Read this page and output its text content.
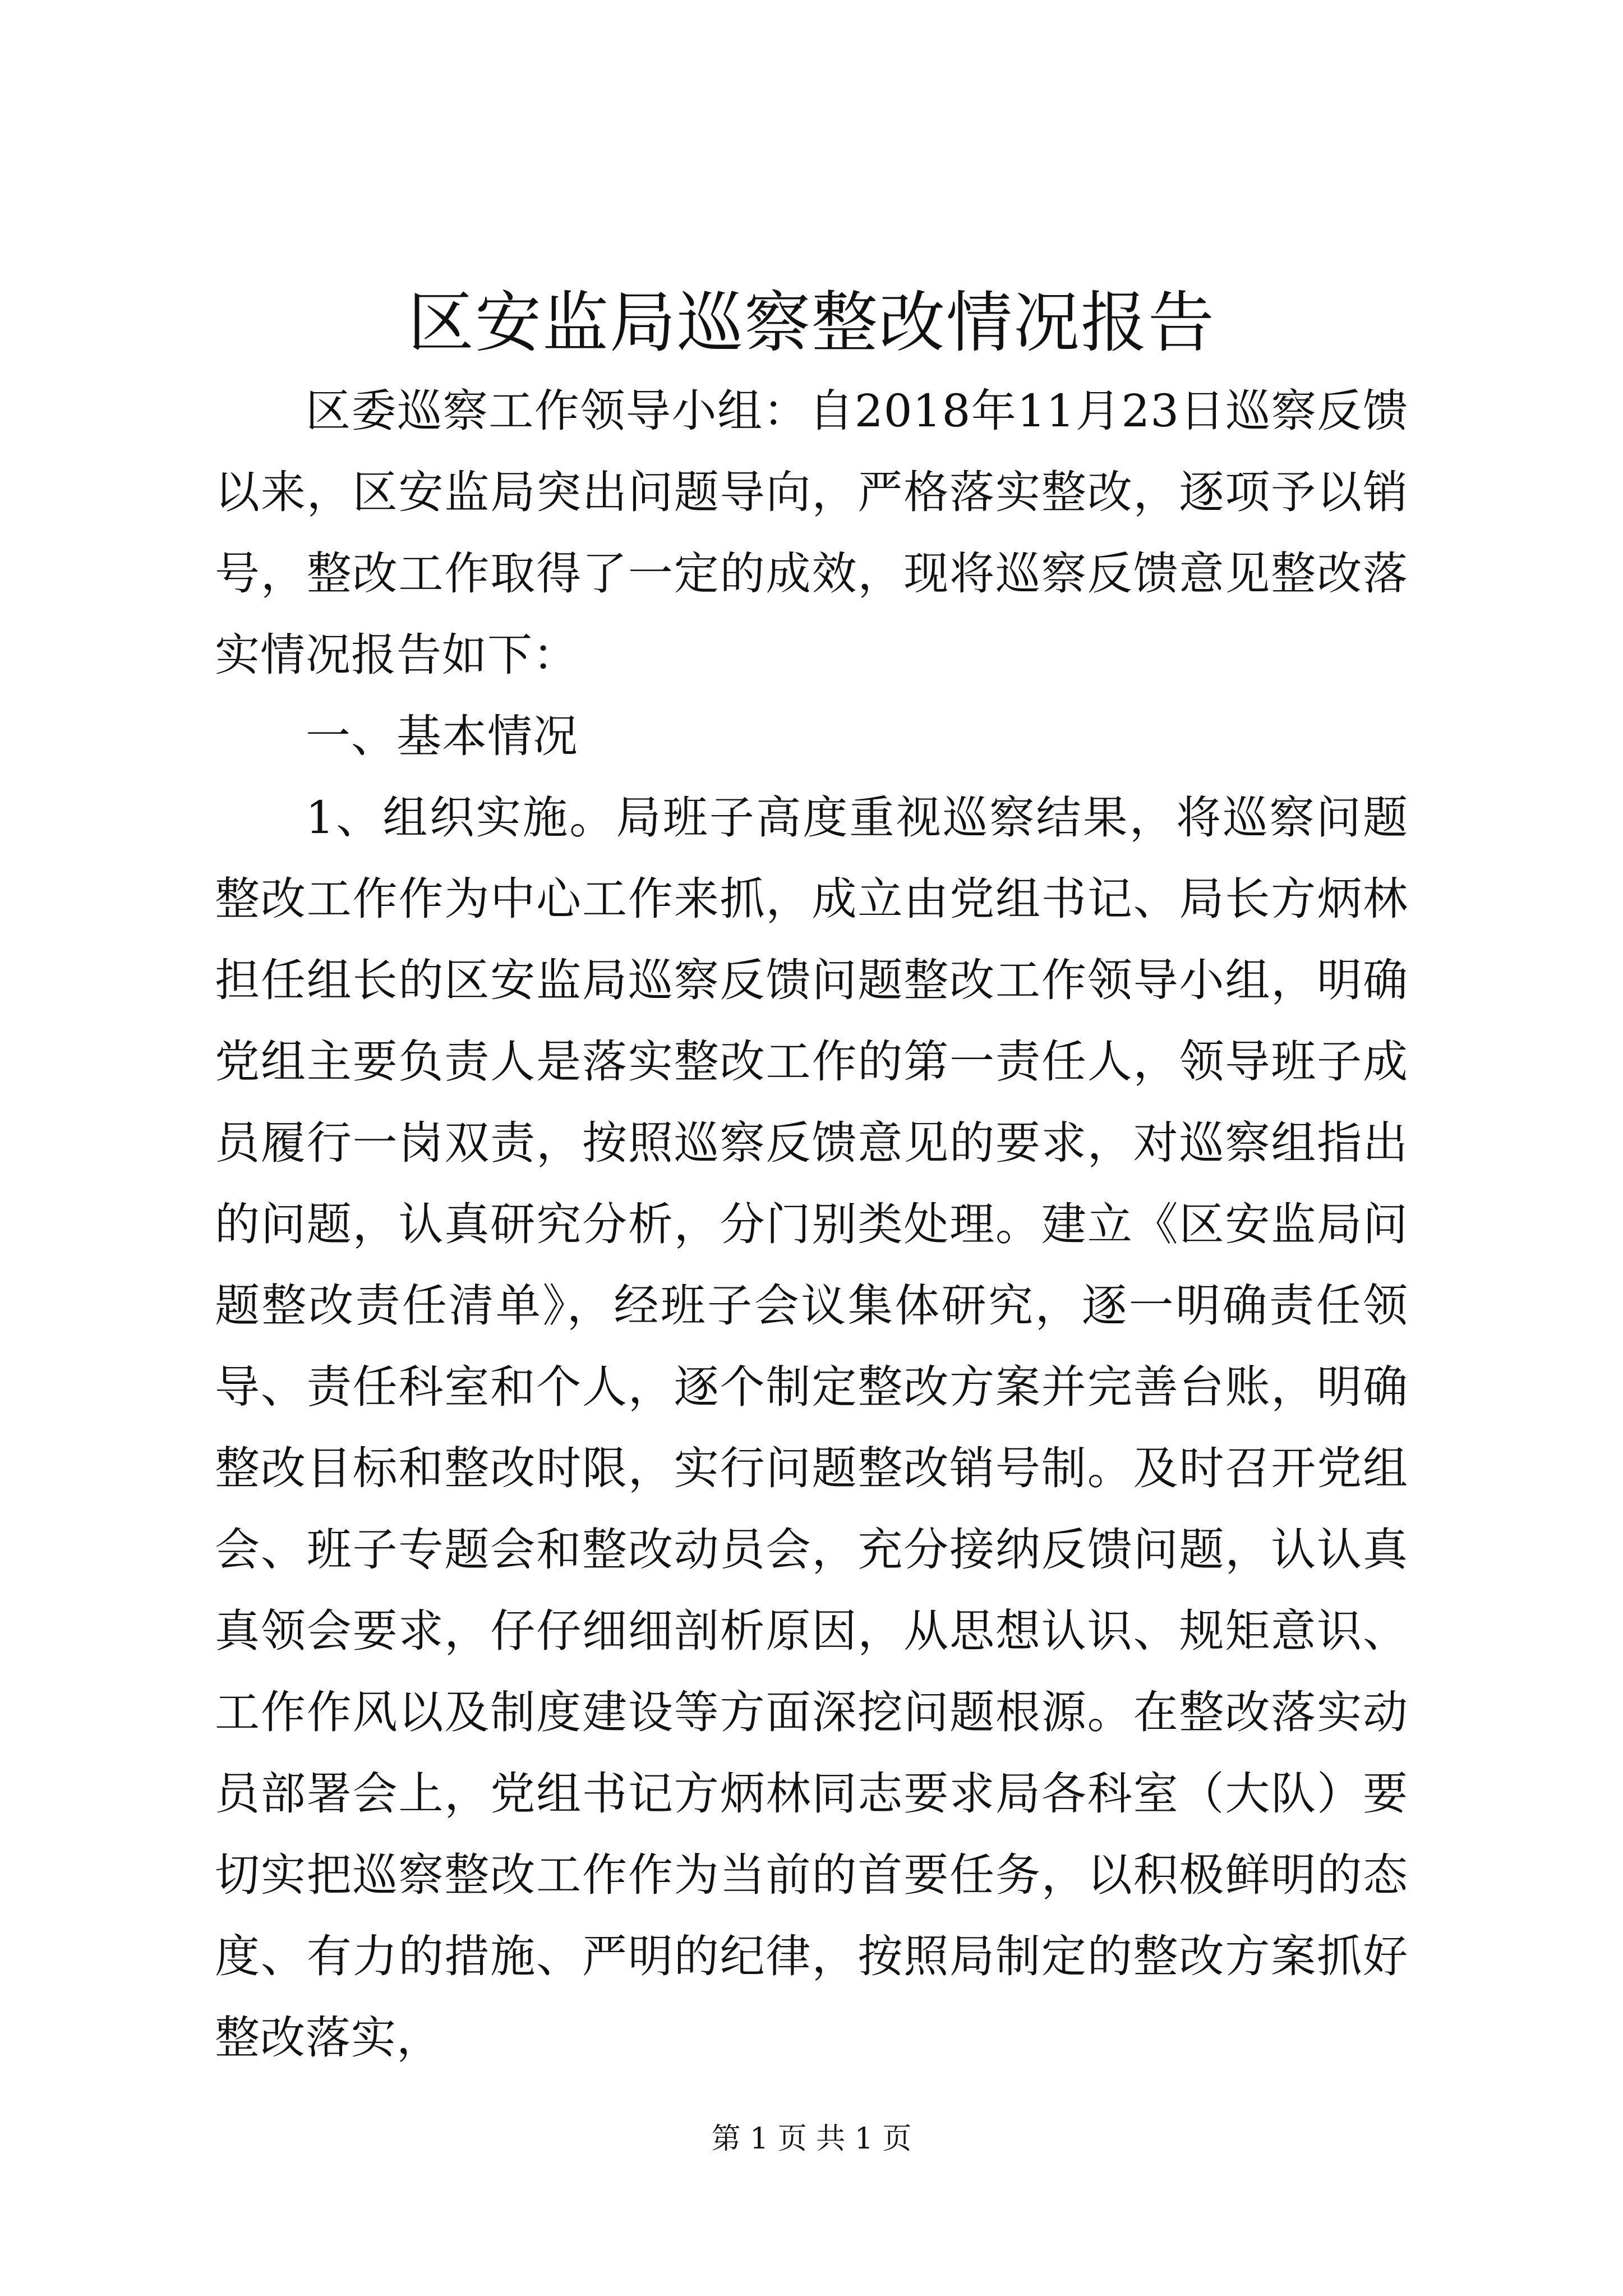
区安监局巡察整改情况报告

区委巡察工作领导小组：自2018年11月23日巡察反馈以来，区安监局突出问题导向，严格落实整改，逐项予以销号，整改工作取得了一定的成效，现将巡察反馈意见整改落实情况报告如下：

一、基本情况

1、组织实施。局班子高度重视巡察结果，将巡察问题整改工作作为中心工作来抓，成立由党组书记、局长方炳林担任组长的区安监局巡察反馈问题整改工作领导小组，明确党组主要负责人是落实整改工作的第一责任人，领导班子成员履行一岗双责，按照巡察反馈意见的要求，对巡察组指出的问题，认真研究分析，分门别类处理。建立《区安监局问题整改责任清单》，经班子会议集体研究，逐一明确责任领导、责任科室和个人，逐个制定整改方案并完善台账，明确整改目标和整改时限，实行问题整改销号制。及时召开党组会、班子专题会和整改动员会，充分接纳反馈问题，认认真真领会要求，仔仔细细剖析原因，从思想认识、规矩意识、工作作风以及制度建设等方面深挖问题根源。在整改落实动员部署会上，党组书记方炳林同志要求局各科室（大队）要切实把巡察整改工作作为当前的首要任务，以积极鲜明的态度、有力的措施、严明的纪律，按照局制定的整改方案抓好整改落实，

第 1 页 共 1 页
